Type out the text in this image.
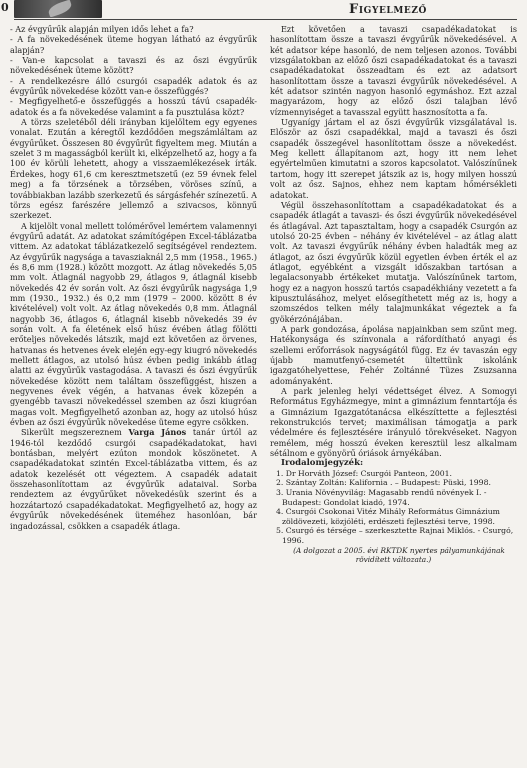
0	Figyelmező
- Az évgyűrűk alapján milyen idős lehet a fa?
- A fa növekedésének üteme hogyan látható az évgyűrűk alapján?
- Van-e kapcsolat a tavaszi és az őszi évgyűrűk növekedésének üteme között?
- A rendelkezésre álló csurgói csapadék adatok és az évgyűrűk növekedése között van-e összefüggés?
- Megfigyelhető-e összefüggés a hosszú távú csapadék-adatok és a fa növekedése valamint a fa pusztulása közt?

A törzs szeletéből déli irányban kijelöltem egy egyenes vonalat. Ezután a kéregtől kezdődően megszámláltam az évgyűrűket. Összesen 80 évgyűrűt figyeltem meg. Miután a szelet 3 m magasságból került ki, elképzelhető az, hogy a fa 100 év körüli lehetett, ahogy a visszaemlékezések írták. Érdekes, hogy 61,6 cm keresztmetszetű (ez 59 évnek felel meg) a fa törzsének a törzsében, vöröses színű, a továbbiakban lazább szerkezetű és sárgásfehér színezetű. A törzs egész farészére jellemző a szivacsos, könnyű szerkezet.

A kijelölt vonal mellett tolómérővel lemértem valamennyi évgyűrű adatát. Az adatokat számítógépen Excel-táblázatba vittem. Az adatokat táblázatkezelő segítségével rendeztem. Az évgyűrűk nagysága a tavasziaknál 2,5 mm (1958., 1965.) és 8,6 mm (1928.) között mozgott. Az átlag növekedés 5,05 mm volt. Átlagnál nagyobb 29, átlagos 9, átlagnál kisebb növekedés 42 év során volt. Az őszi évgyűrűk nagysága 1,9 mm (1930., 1932.) és 0,2 mm (1979 – 2000. között 8 év kivételével) volt volt. Az átlag növekedés 0,8 mm. Átlagnál nagyobb 36, átlagos 6, átlagnál kisebb növekedés 39 év során volt. A fa életének első húsz évében átlag fölötti erőteljes növekedés látszik, majd ezt követően az örvenes, hatvanas és hetvenes évek elején egy-egy kiugró növekedés mellett átlagos, az utolsó húsz évben pedig inkább átlag alatti az évgyűrűk vastagodása. A tavaszi és őszi évgyűrűk növekedése között nem találtam összefüggést, hiszen a negyvenes évek végén, a hatvanas évek közepén a gyengébb tavaszi növekedéssel szemben az őszi kiugróan magas volt. Megfigyelhető azonban az, hogy az utolsó húsz évben az őszi évgyűrűk növekedése üteme egyre csökken.

Sikerült megszereznem Varga János tanár úrtól az 1946-tól kezdődő csurgói csapadékadatokat, havi bontásban, melyért ezúton mondok köszönetet. A csapadékadatokat szintén Excel-táblázatba vittem, és az adatok kezelését ott végeztem. A csapadék adatait összehasonlítottam az évgyűrűk adataival. Sorba rendeztem az évgyűrűket növekedésük szerint és a hozzátartozó csapadékadatokat. Megfigyelhető az, hogy az évgyűrűk növekedésének üteméhez hasonlóan, bár ingadozással, csökken a csapadék átlaga.

Ezt követően a tavaszi csapadékadatokat is hasonlítottam össze a tavaszi évgyűrűk növekedésével. A két adatsor képe hasonló, de nem teljesen azonos. További vizsgálatokban az előző őszi csapadékadatokat és a tavaszi csapadékadatokat összeadtam és ezt az adatsort hasonlítottam össze a tavaszi évgyűrűk növekedésével. A két adatsor szintén nagyon hasonló egymáshoz. Ezt azzal magyarázom, hogy az előző őszi talajban lévő vízmennyiséget a tavasszal együtt hasznosította a fa.

Ugyanígy jártam el az őszi évgyűrűk vizsgálatával is. Először az őszi csapadékkal, majd a tavaszi és őszi csapadék összegével hasonlítottam össze a növekedést. Meg kellett állapítanom azt, hogy itt nem lehet egyértelműen kimutatni a szoros kapcsolatot. Valószínűnek tartom, hogy itt szerepet játszik az is, hogy milyen hosszú volt az ősz. Sajnos, ehhez nem kaptam hőmérsékleti adatokat.

Végül összehasonlítottam a csapadékadatokat és a csapadék átlagát a tavaszi- és őszi évgyűrűk növekedésével és átlagával. Azt tapasztaltam, hogy a csapadék Csurgón az utolsó 20-25 évben – néhány év kivételével – az átlag alatt volt. Az tavaszi évgyűrűk néhány évben haladták meg az átlagot, az őszi évgyűrűk közül egyetlen évben érték el az átlagot, egyébként a vizsgált időszakban tartósan a legalacsonyabb értékeket mutatja. Valószínűnek tartom, hogy ez a nagyon hosszú tartós csapadékhiány vezetett a fa kipusztulásához, melyet elősegíthetett még az is, hogy a szomszédos telken mély talajmunkákat végeztek a fa gyökérzónájában.

A park gondozása, ápolása napjainkban sem szűnt meg. Hatékonysága és színvonala a ráfordítható anyagi és szellemi erőforrások nagyságától függ. Ez év tavaszán egy újabb mamutfenyő-csemetét ültettünk iskolánk igazgatóhelyettese, Fehér Zoltánné Tüzes Zsuzsanna adományaként.

A park jelenleg helyi védettséget élvez. A Somogyi Református Egyházmegye, mint a gimnázium fenntartója és a Gimnázium Igazgatótanácsa elkészíttette a fejlesztési rekonstrukciós tervet; maximálisan támogatja a park védelmére és fejlesztésére irányuló törekvéseket. Nagyon remélem, még hosszú éveken keresztül lesz alkalmam sétálnom e gyönyörű óriások árnyékában.

Irodalomjegyzék:

1. Dr Horváth József: Csurgói Panteon, 2001.
2. Szántay Zoltán: Kalifornia . – Budapest: Püski, 1998.
3. Urania Növényvilág: Magasabb rendű növények I. - Budapest: Gondolat kiadó, 1974.
4. Csurgói Csokonai Vitéz Mihály Református Gimnázium zöldövezeti, közjóléti, erdészeti fejlesztési terve, 1998.
5. Csurgó és térsége – szerkesztette Rajnai Miklós. - Csurgó, 1996.

(A dolgozat a 2005. évi RKTDK nyertes pályamunkájának rövidített változata.)
